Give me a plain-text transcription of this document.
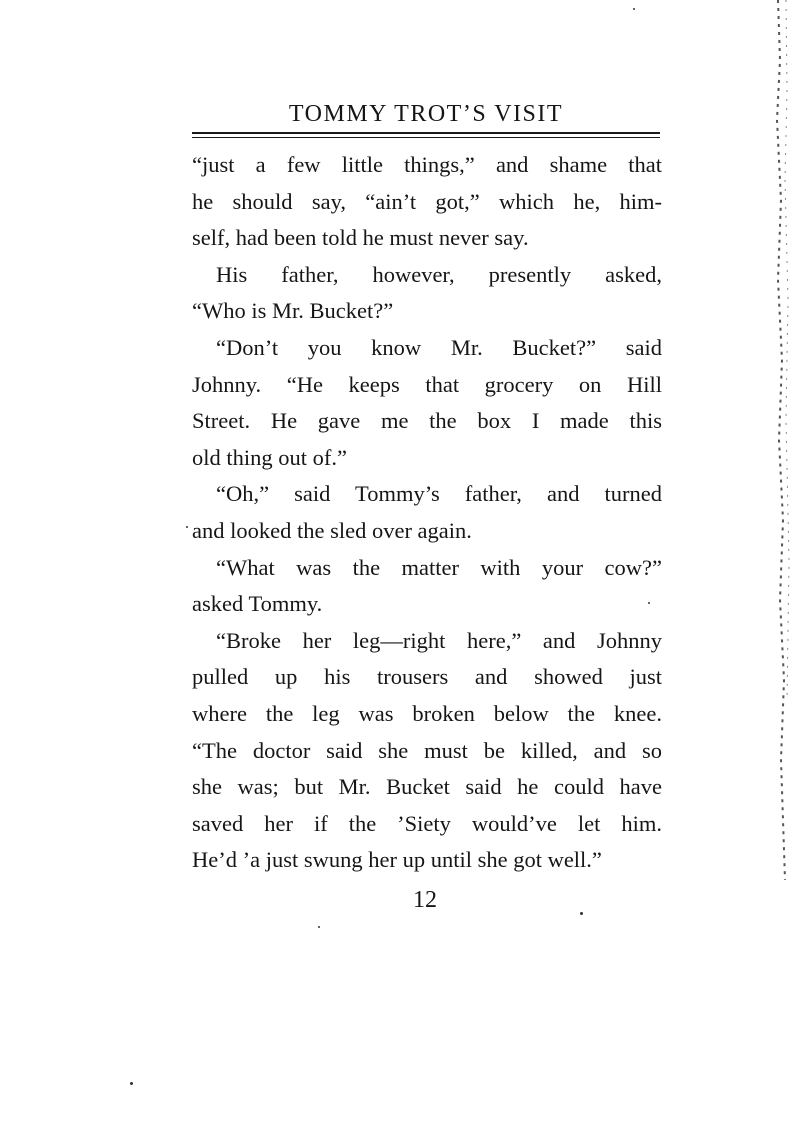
TOMMY TROT’S VISIT
“just a few little things,” and shame that
he should say, “ain’t got,” which he, him-
self, had been told he must never say.
His father, however, presently asked,
“Who is Mr. Bucket?”
“Don’t you know Mr. Bucket?” said
Johnny. “He keeps that grocery on Hill
Street. He gave me the box I made this
old thing out of.”
“Oh,” said Tommy’s father, and turned
and looked the sled over again.
“What was the matter with your cow?”
asked Tommy.
“Broke her leg—right here,” and Johnny
pulled up his trousers and showed just
where the leg was broken below the knee.
“The doctor said she must be killed, and so
she was; but Mr. Bucket said he could have
saved her if the ’Siety would’ve let him.
He’d ’a just swung her up until she got well.”
12
